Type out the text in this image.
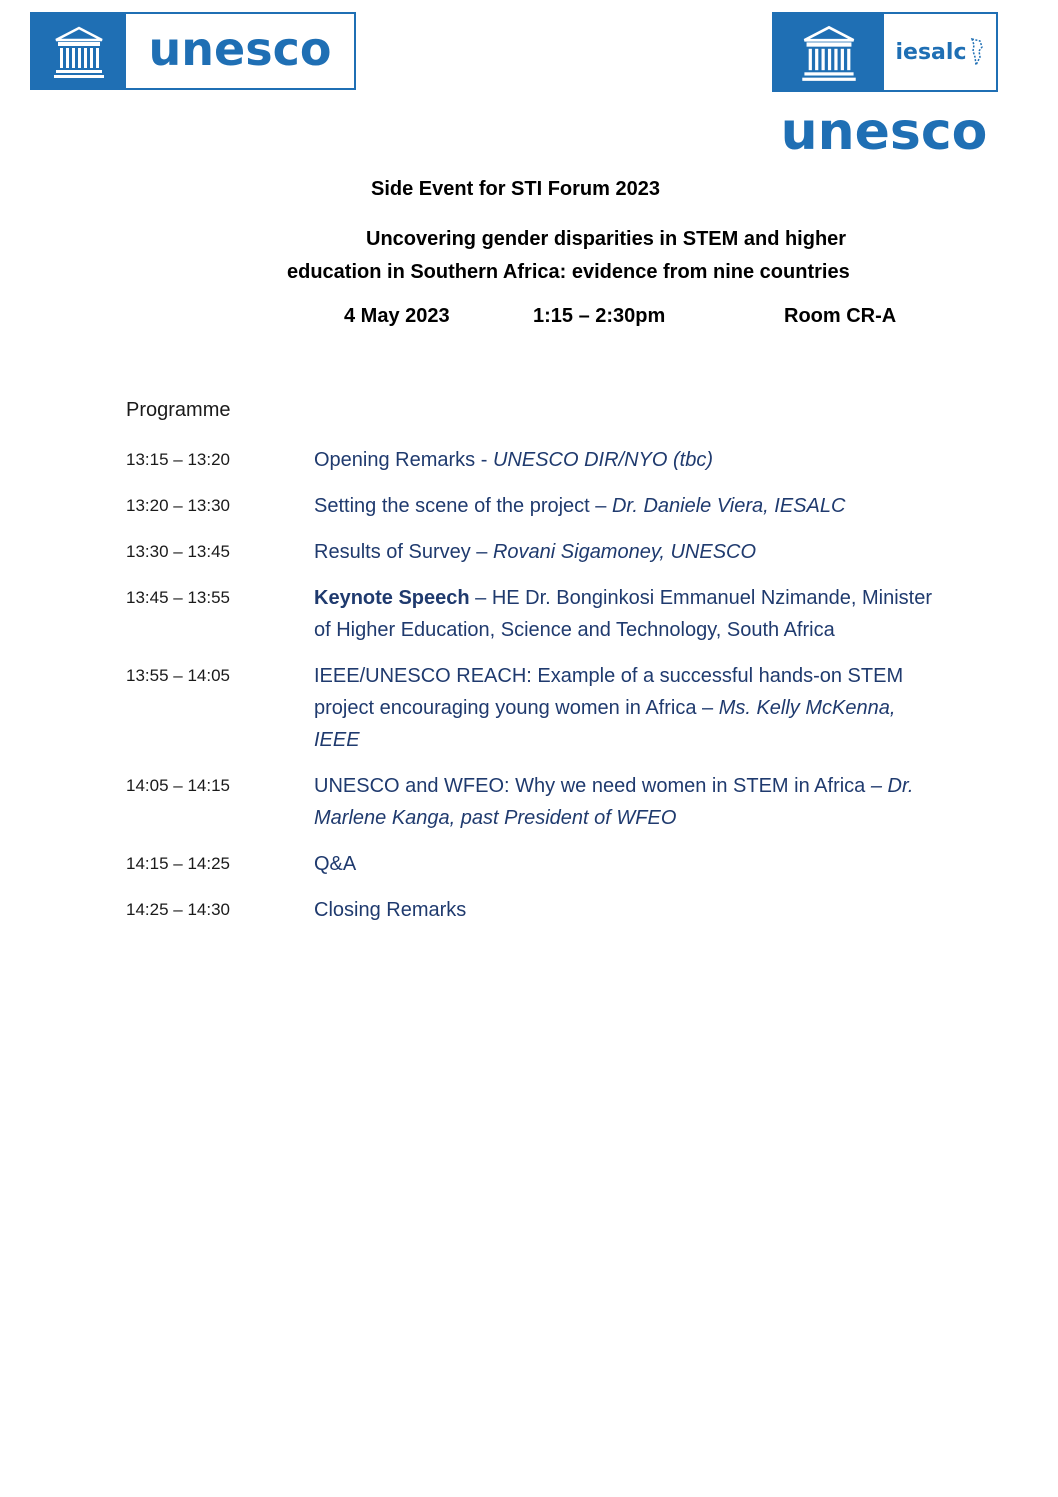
unesco	iesalc
unesco
Side Event for STI Forum 2023
Uncovering gender disparities in STEM and higher
education in Southern Africa: evidence from nine countries
4 May 2023	1:15 – 2:30pm	Room CR-A
Programme
13:15 – 13:20	Opening Remarks - UNESCO DIR/NYO (tbc)
13:20 – 13:30	Setting the scene of the project – Dr. Daniele Viera, IESALC
13:30 – 13:45	Results of Survey – Rovani Sigamoney, UNESCO
13:45 – 13:55	Keynote Speech – HE Dr. Bonginkosi Emmanuel Nzimande, Minister of Higher Education, Science and Technology, South Africa
13:55 – 14:05	IEEE/UNESCO REACH: Example of a successful hands-on STEM project encouraging young women in Africa – Ms. Kelly McKenna, IEEE
14:05 – 14:15	UNESCO and WFEO: Why we need women in STEM in Africa – Dr. Marlene Kanga, past President of WFEO
14:15 – 14:25	Q&A
14:25 – 14:30	Closing Remarks
